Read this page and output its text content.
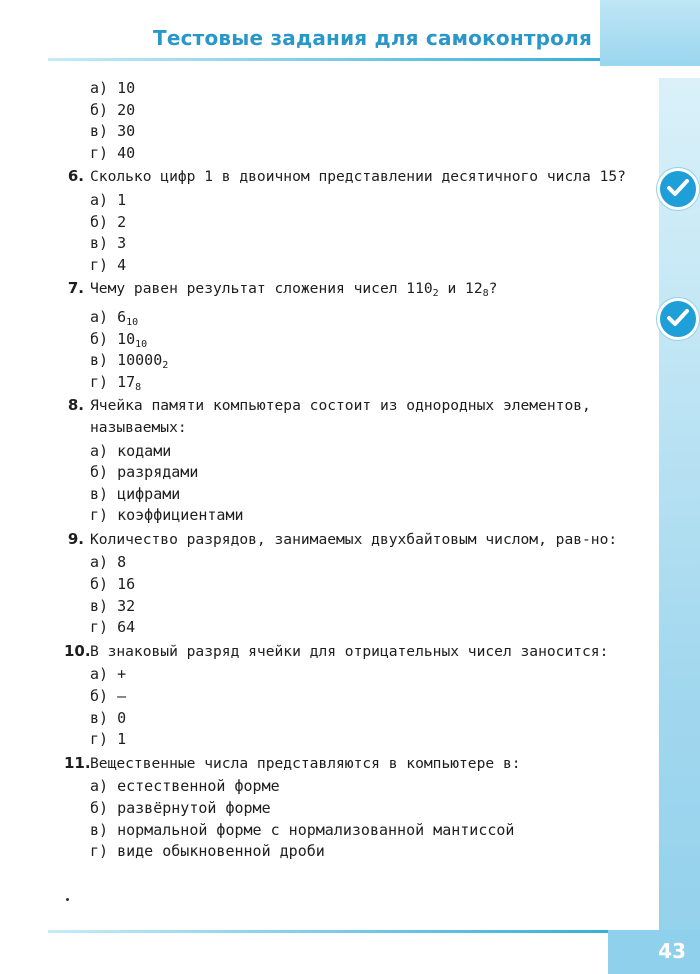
Тестовые задания для самоконтроля
а) 10
б) 20
в) 30
г) 40
6. Сколько цифр 1 в двоичном представлении десятичного числа 15?
а) 1
б) 2
в) 3
г) 4
7. Чему равен результат сложения чисел $110_2$ и $12_8$?
а) $6_{10}$
б) $10_{10}$
в) $10000_2$
г) $17_8$
8. Ячейка памяти компьютера состоит из однородных элементов, называемых:
а) кодами
б) разрядами
в) цифрами
г) коэффициентами
9. Количество разрядов, занимаемых двухбайтовым числом, рав-но:
а) 8
б) 16
в) 32
г) 64
10. В знаковый разряд ячейки для отрицательных чисел заносится:
а) +
б) –
в) 0
г) 1
11. Вещественные числа представляются в компьютере в:
а) естественной форме
б) развёрнутой форме
в) нормальной форме с нормализованной мантиссой
г) виде обыкновенной дроби
43
